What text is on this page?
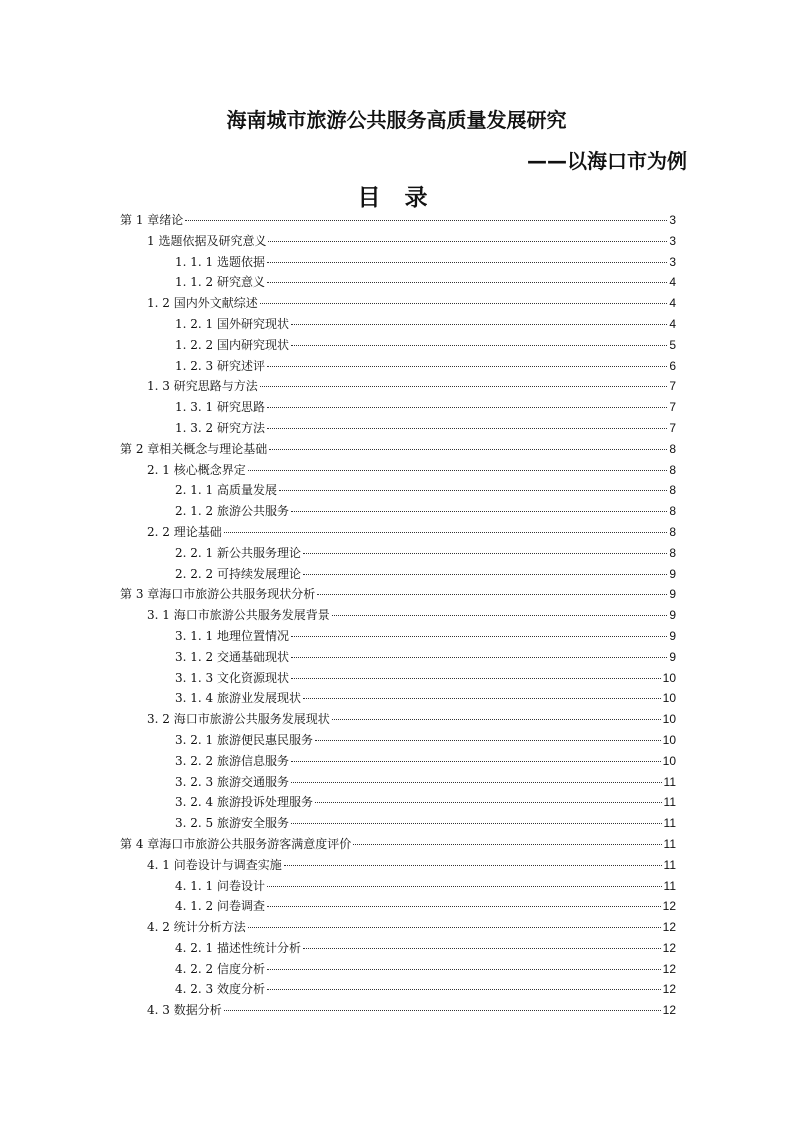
海南城市旅游公共服务高质量发展研究
——以海口市为例
目 录
第 1 章绪论	3
1 选题依据及研究意义	3
1. 1. 1 选题依据	3
1. 1. 2 研究意义	4
1. 2 国内外文献综述	4
1. 2. 1 国外研究现状	4
1. 2. 2 国内研究现状	5
1. 2. 3 研究述评	6
1. 3 研究思路与方法	7
1. 3. 1 研究思路	7
1. 3. 2 研究方法	7
第 2 章相关概念与理论基础	8
2. 1 核心概念界定	8
2. 1. 1 高质量发展	8
2. 1. 2 旅游公共服务	8
2. 2 理论基础	8
2. 2. 1 新公共服务理论	8
2. 2. 2 可持续发展理论	9
第 3 章海口市旅游公共服务现状分析	9
3. 1 海口市旅游公共服务发展背景	9
3. 1. 1 地理位置情况	9
3. 1. 2 交通基础现状	9
3. 1. 3 文化资源现状	10
3. 1. 4 旅游业发展现状	10
3. 2 海口市旅游公共服务发展现状	10
3. 2. 1 旅游便民惠民服务	10
3. 2. 2 旅游信息服务	10
3. 2. 3 旅游交通服务	11
3. 2. 4 旅游投诉处理服务	11
3. 2. 5 旅游安全服务	11
第 4 章海口市旅游公共服务游客满意度评价	11
4. 1 问卷设计与调查实施	11
4. 1. 1 问卷设计	11
4. 1. 2 问卷调查	12
4. 2 统计分析方法	12
4. 2. 1 描述性统计分析	12
4. 2. 2 信度分析	12
4. 2. 3 效度分析	12
4. 3 数据分析	12
